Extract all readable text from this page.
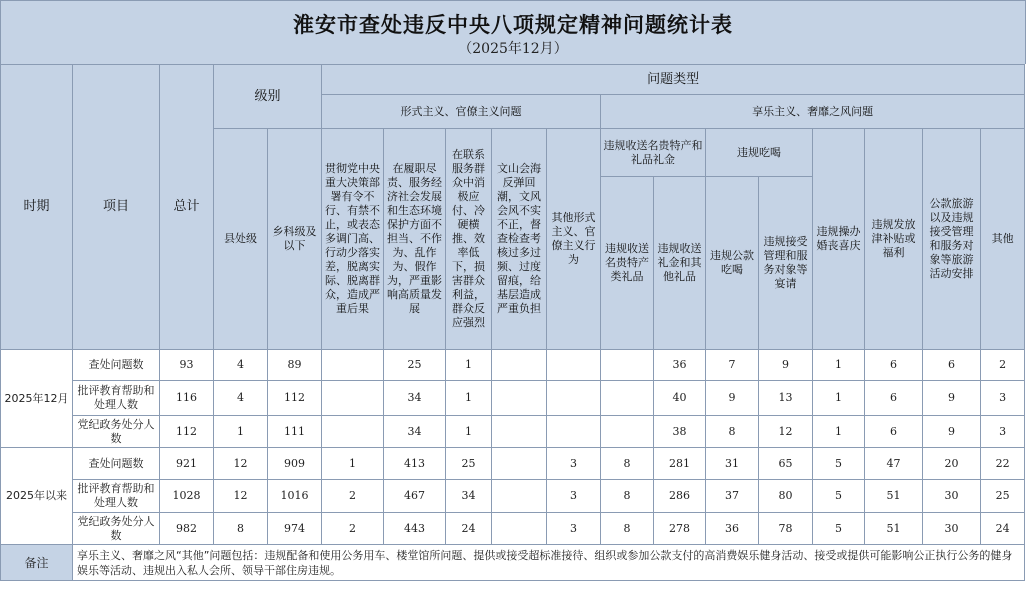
淮安市查处违反中央八项规定精神问题统计表
（2025年12月）
时期	项目	总计	级别		问题类型												
					形式主义、官僚主义问题					享乐主义、奢靡之风问题							
			县处级	乡科级及以下	贯彻党中央重大决策部署有令不行、有禁不止，或表态多调门高、行动少落实差，脱离实际、脱离群众，造成严重后果	在履职尽责、服务经济社会发展和生态环境保护方面不担当、不作为、乱作为、假作为，严重影响高质量发展	在联系服务群众中消极应付、冷硬横推、效率低下，损害群众利益，群众反应强烈	文山会海反弹回潮，文风会风不实不正，督查检查考核过多过频、过度留痕，给基层造成严重负担	其他形式主义、官僚主义行为	违规收送名贵特产和礼品礼金		违规吃喝		违规操办婚丧喜庆	违规发放津补贴或福利	公款旅游以及违规接受管理和服务对象等旅游活动安排	其他
										违规收送名贵特产类礼品	违规收送礼金和其他礼品	违规公款吃喝	违规接受管理和服务对象等宴请				
2025年12月	查处问题数	93	4	89		25	1				36	7	9	1	6	6	2
	批评教育帮助和处理人数	116	4	112		34	1				40	9	13	1	6	9	3
	党纪政务处分人数	112	1	111		34	1				38	8	12	1	6	9	3
2025年以来	查处问题数	921	12	909	1	413	25		3	8	281	31	65	5	47	20	22
	批评教育帮助和处理人数	1028	12	1016	2	467	34		3	8	286	37	80	5	51	30	25
	党纪政务处分人数	982	8	974	2	443	24		3	8	278	36	78	5	51	30	24
备注	享乐主义、奢靡之风“其他”问题包括：违规配备和使用公务用车、楼堂馆所问题、提供或接受超标准接待、组织或参加公款支付的高消费娱乐健身活动、接受或提供可能影响公正执行公务的健身娱乐等活动、违规出入私人会所、领导干部住房违规。																
